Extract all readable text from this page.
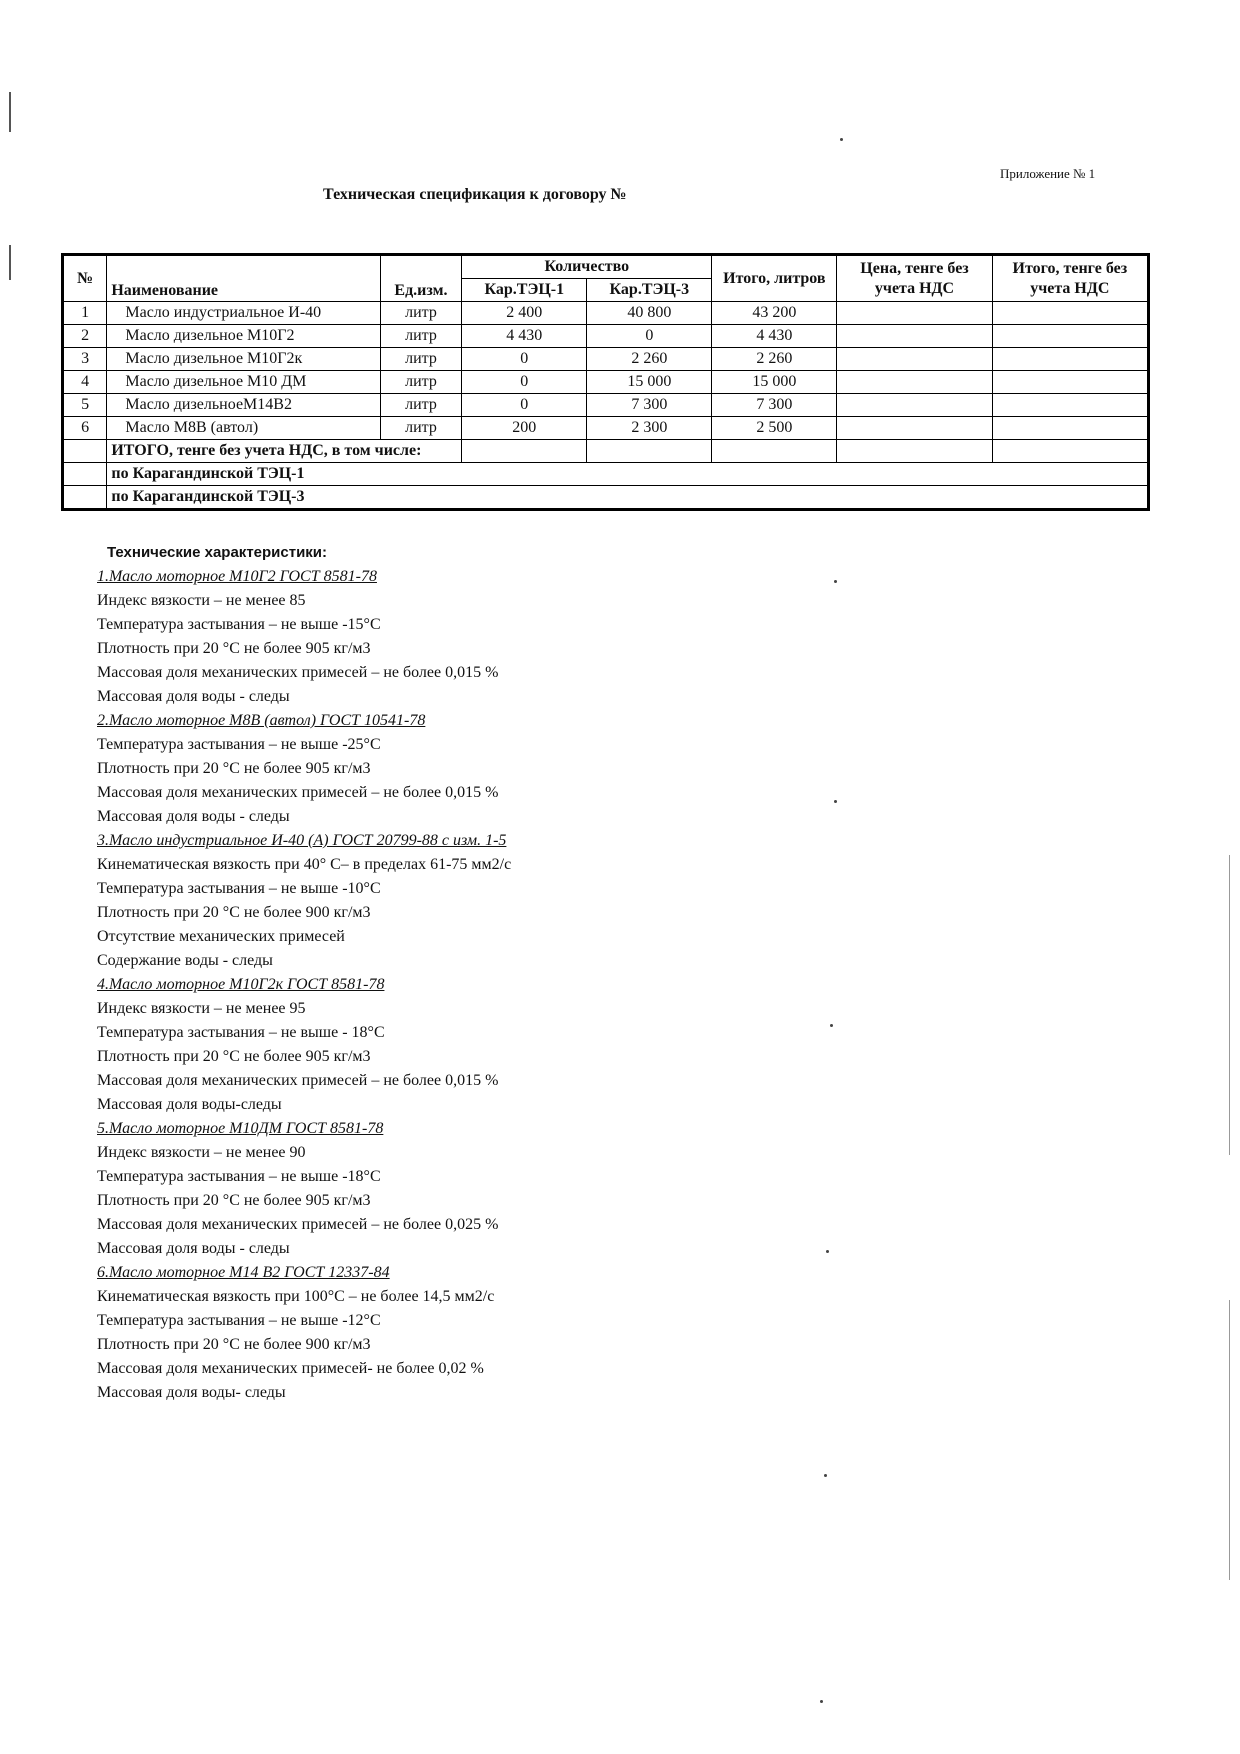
Приложение № 1
Техническая спецификация к договору №
№	Наименование	Ед.изм.	Количество		Итого, литров	Цена, тенге без учета НДС	Итого, тенге без учета НДС
			Кар.ТЭЦ-1	Кар.ТЭЦ-3			
1	Масло индустриальное И-40	литр	2 400	40 800	43 200		
2	Масло дизельное М10Г2	литр	4 430	0	4 430		
3	Масло дизельное М10Г2к	литр	0	2 260	2 260		
4	Масло дизельное М10 ДМ	литр	0	15 000	15 000		
5	Масло дизельноеМ14В2	литр	0	7 300	7 300		
6	Масло М8В (автол)	литр	200	2 300	2 500		
	ИТОГО, тенге без учета НДС, в том числе:						
	по Карагандинской ТЭЦ-1						
	по Карагандинской ТЭЦ-3						
Технические характеристики:
1.Масло моторное М10Г2 ГОСТ 8581-78
Индекс вязкости – не менее 85
Температура застывания – не выше -15°С
Плотность при 20 °С не более 905 кг/м3
Массовая доля механических примесей – не более 0,015 %
Массовая доля воды - следы
2.Масло моторное М8В (автол) ГОСТ 10541-78
Температура застывания – не выше -25°С
Плотность при 20 °С не более 905 кг/м3
Массовая доля механических примесей – не более 0,015 %
Массовая доля воды - следы
3.Масло индустриальное И-40 (А) ГОСТ 20799-88 с изм. 1-5
Кинематическая вязкость при 40° С– в пределах 61-75 мм2/с
Температура застывания – не выше -10°С
Плотность при 20 °С не более 900 кг/м3
Отсутствие механических примесей
Содержание воды - следы
4.Масло моторное М10Г2к ГОСТ 8581-78
Индекс вязкости – не менее 95
Температура застывания – не выше - 18°С
Плотность при 20 °С не более 905 кг/м3
Массовая доля механических примесей – не более 0,015 %
Массовая доля воды-следы
5.Масло моторное М10ДМ ГОСТ 8581-78
Индекс вязкости – не менее 90
Температура застывания – не выше -18°С
Плотность при 20 °С не более 905 кг/м3
Массовая доля механических примесей – не более 0,025 %
Массовая доля воды - следы
6.Масло моторное М14 В2 ГОСТ 12337-84
Кинематическая вязкость при 100°С – не более 14,5 мм2/с
Температура застывания – не выше -12°С
Плотность при 20 °С не более 900 кг/м3
Массовая доля механических примесей- не более 0,02 %
Массовая доля воды- следы
